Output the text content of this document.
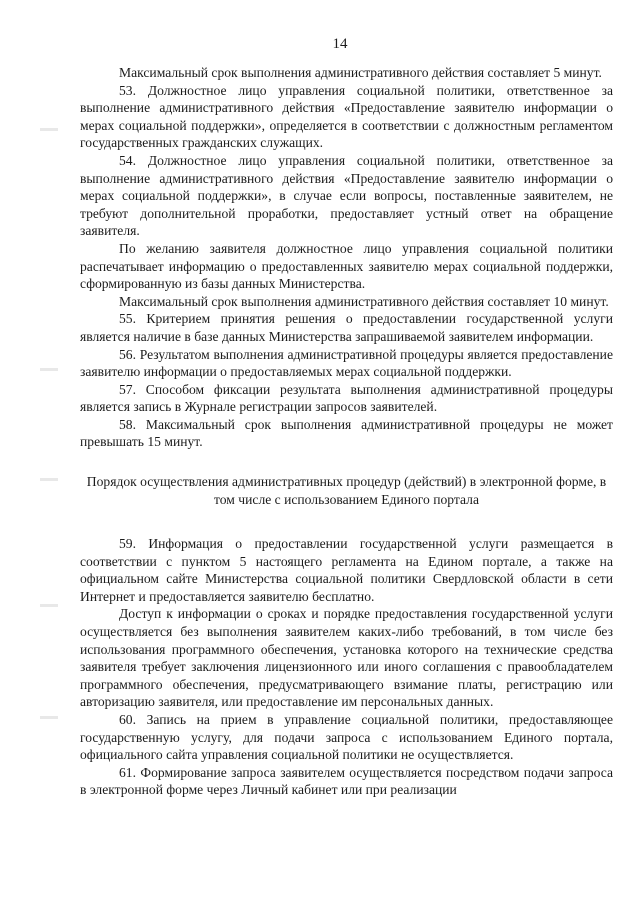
14

Максимальный срок выполнения административного действия составляет 5 минут.

53. Должностное лицо управления социальной политики, ответственное за выполнение административного действия «Предоставление заявителю информации о мерах социальной поддержки», определяется в соответствии с должностным регламентом государственных гражданских служащих.

54. Должностное лицо управления социальной политики, ответственное за выполнение административного действия «Предоставление заявителю информации о мерах социальной поддержки», в случае если вопросы, поставленные заявителем, не требуют дополнительной проработки, предоставляет устный ответ на обращение заявителя.

По желанию заявителя должностное лицо управления социальной политики распечатывает информацию о предоставленных заявителю мерах социальной поддержки, сформированную из базы данных Министерства.

Максимальный срок выполнения административного действия составляет 10 минут.

55. Критерием принятия решения о предоставлении государственной услуги является наличие в базе данных Министерства запрашиваемой заявителем информации.

56. Результатом выполнения административной процедуры является предоставление заявителю информации о предоставляемых мерах социальной поддержки.

57. Способом фиксации результата выполнения административной процедуры является запись в Журнале регистрации запросов заявителей.

58. Максимальный срок выполнения административной процедуры не может превышать 15 минут.

Порядок осуществления административных процедур (действий) в электронной форме, в том числе с использованием Единого портала

59. Информация о предоставлении государственной услуги размещается в соответствии с пунктом 5 настоящего регламента на Едином портале, а также на официальном сайте Министерства социальной политики Свердловской области в сети Интернет и предоставляется заявителю бесплатно.

Доступ к информации о сроках и порядке предоставления государственной услуги осуществляется без выполнения заявителем каких-либо требований, в том числе без использования программного обеспечения, установка которого на технические средства заявителя требует заключения лицензионного или иного соглашения с правообладателем программного обеспечения, предусматривающего взимание платы, регистрацию или авторизацию заявителя, или предоставление им персональных данных.

60. Запись на прием в управление социальной политики, предоставляющее государственную услугу, для подачи запроса с использованием Единого портала, официального сайта управления социальной политики не осуществляется.

61. Формирование запроса заявителем осуществляется посредством подачи запроса в электронной форме через Личный кабинет или при реализации
